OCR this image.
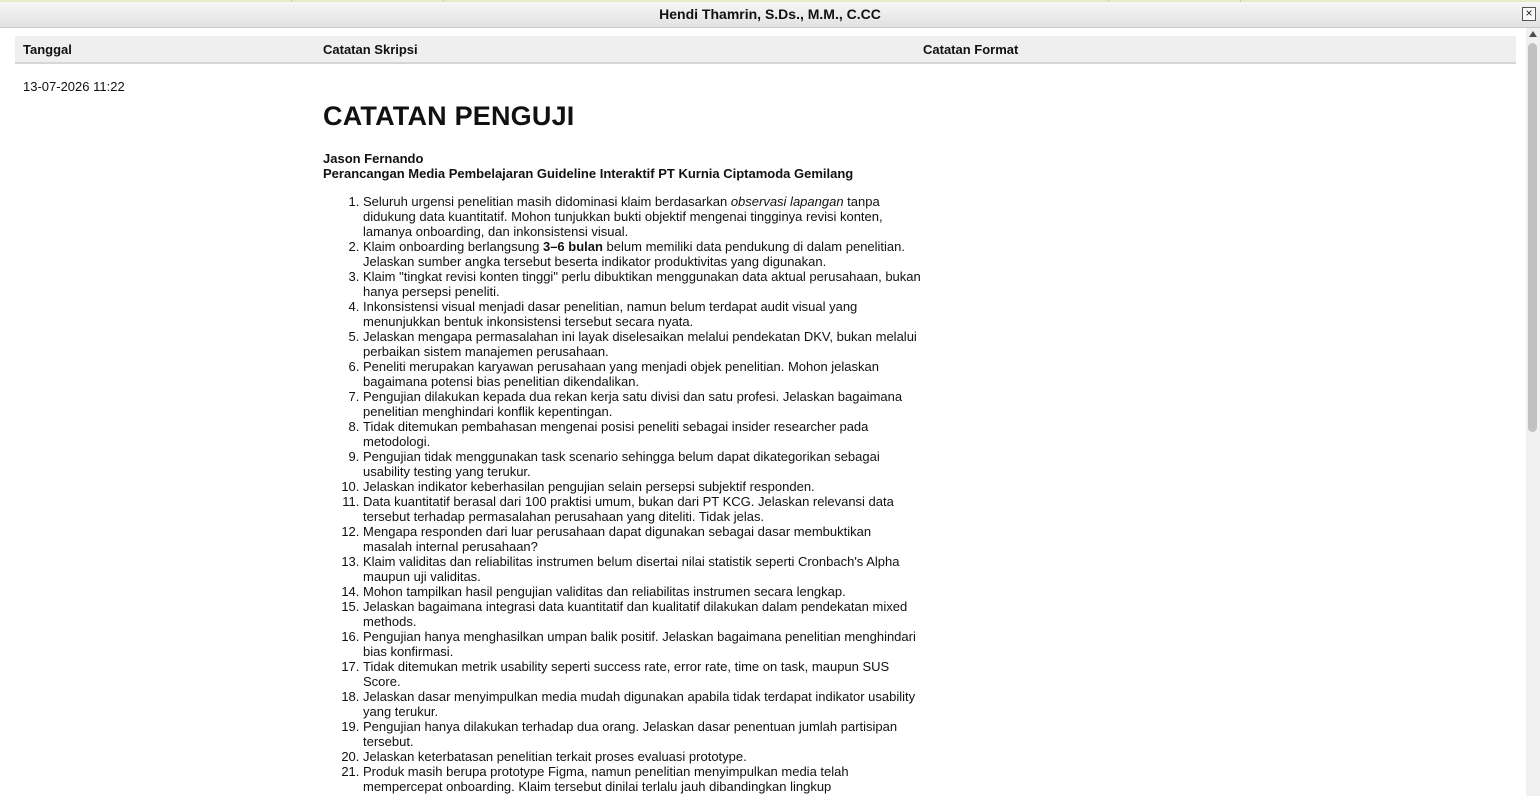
Hendi Thamrin, S.Ds., M.M., C.CC	×
Tanggal	Catatan Skripsi	Catatan Format
13-07-2026 11:22
CATATAN PENGUJI
Jason Fernando
Perancangan Media Pembelajaran Guideline Interaktif PT Kurnia Ciptamoda Gemilang
1. Seluruh urgensi penelitian masih didominasi klaim berdasarkan observasi lapangan tanpa didukung data kuantitatif. Mohon tunjukkan bukti objektif mengenai tingginya revisi konten, lamanya onboarding, dan inkonsistensi visual.
2. Klaim onboarding berlangsung 3–6 bulan belum memiliki data pendukung di dalam penelitian. Jelaskan sumber angka tersebut beserta indikator produktivitas yang digunakan.
3. Klaim "tingkat revisi konten tinggi" perlu dibuktikan menggunakan data aktual perusahaan, bukan hanya persepsi peneliti.
4. Inkonsistensi visual menjadi dasar penelitian, namun belum terdapat audit visual yang menunjukkan bentuk inkonsistensi tersebut secara nyata.
5. Jelaskan mengapa permasalahan ini layak diselesaikan melalui pendekatan DKV, bukan melalui perbaikan sistem manajemen perusahaan.
6. Peneliti merupakan karyawan perusahaan yang menjadi objek penelitian. Mohon jelaskan bagaimana potensi bias penelitian dikendalikan.
7. Pengujian dilakukan kepada dua rekan kerja satu divisi dan satu profesi. Jelaskan bagaimana penelitian menghindari konflik kepentingan.
8. Tidak ditemukan pembahasan mengenai posisi peneliti sebagai insider researcher pada metodologi.
9. Pengujian tidak menggunakan task scenario sehingga belum dapat dikategorikan sebagai usability testing yang terukur.
10. Jelaskan indikator keberhasilan pengujian selain persepsi subjektif responden.
11. Data kuantitatif berasal dari 100 praktisi umum, bukan dari PT KCG. Jelaskan relevansi data tersebut terhadap permasalahan perusahaan yang diteliti. Tidak jelas.
12. Mengapa responden dari luar perusahaan dapat digunakan sebagai dasar membuktikan masalah internal perusahaan?
13. Klaim validitas dan reliabilitas instrumen belum disertai nilai statistik seperti Cronbach's Alpha maupun uji validitas.
14. Mohon tampilkan hasil pengujian validitas dan reliabilitas instrumen secara lengkap.
15. Jelaskan bagaimana integrasi data kuantitatif dan kualitatif dilakukan dalam pendekatan mixed methods.
16. Pengujian hanya menghasilkan umpan balik positif. Jelaskan bagaimana penelitian menghindari bias konfirmasi.
17. Tidak ditemukan metrik usability seperti success rate, error rate, time on task, maupun SUS Score.
18. Jelaskan dasar menyimpulkan media mudah digunakan apabila tidak terdapat indikator usability yang terukur.
19. Pengujian hanya dilakukan terhadap dua orang. Jelaskan dasar penentuan jumlah partisipan tersebut.
20. Jelaskan keterbatasan penelitian terkait proses evaluasi prototype.
21. Produk masih berupa prototype Figma, namun penelitian menyimpulkan media telah mempercepat onboarding. Klaim tersebut dinilai terlalu jauh dibandingkan lingkup
